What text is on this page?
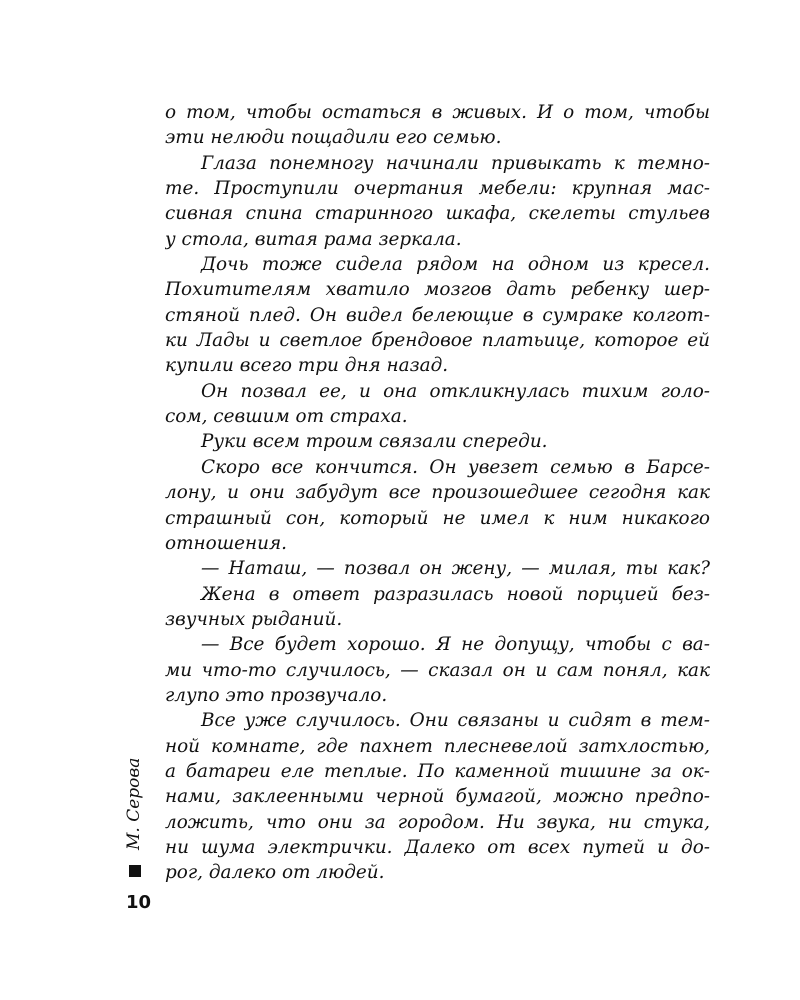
о том, чтобы остаться в живых. И о том, чтобы
эти нелюди пощадили его семью.
Глаза понемногу начинали привыкать к темно-
те. Проступили очертания мебели: крупная мас-
сивная спина старинного шкафа, скелеты стульев
у стола, витая рама зеркала.
Дочь тоже сидела рядом на одном из кресел.
Похитителям хватило мозгов дать ребенку шер-
стяной плед. Он видел белеющие в сумраке колгот-
ки Лады и светлое брендовое платьице, которое ей
купили всего три дня назад.
Он позвал ее, и она откликнулась тихим голо-
сом, севшим от страха.
Руки всем троим связали спереди.
Скоро все кончится. Он увезет семью в Барсе-
лону, и они забудут все произошедшее сегодня как
страшный сон, который не имел к ним никакого
отношения.
— Наташ, — позвал он жену, — милая, ты как?
Жена в ответ разразилась новой порцией без-
звучных рыданий.
— Все будет хорошо. Я не допущу, чтобы с ва-
ми что-то случилось, — сказал он и сам понял, как
глупо это прозвучало.
Все уже случилось. Они связаны и сидят в тем-
ной комнате, где пахнет плесневелой затхлостью,
а батареи еле теплые. По каменной тишине за ок-
нами, заклеенными черной бумагой, можно предпо-
ложить, что они за городом. Ни звука, ни стука,
ни шума электрички. Далеко от всех путей и до-
рог, далеко от людей.
М. Серова
10
